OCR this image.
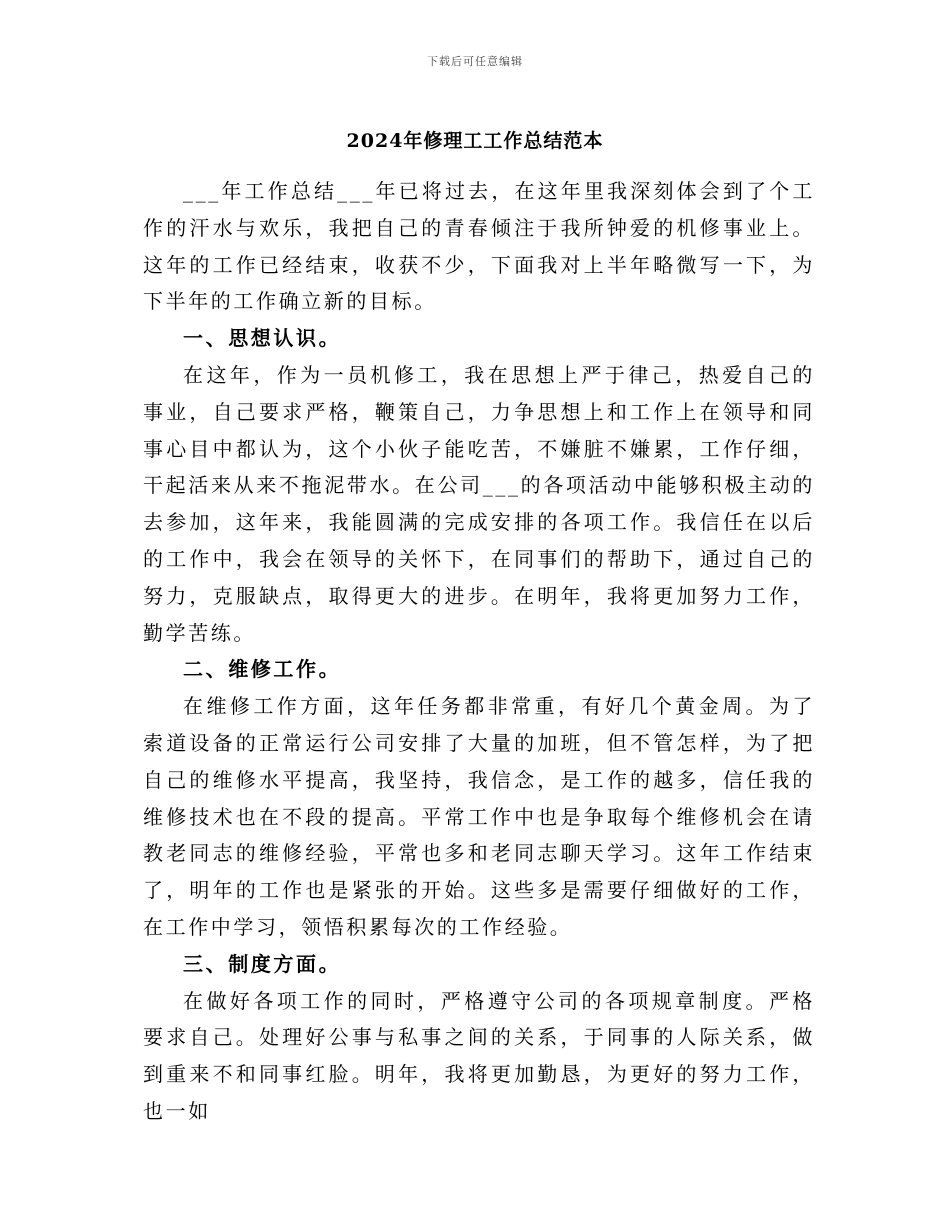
下载后可任意编辑
2024年修理工工作总结范本

___年工作总结___年已将过去，在这年里我深刻体会到了个工作的汗水与欢乐，我把自己的青春倾注于我所钟爱的机修事业上。这年的工作已经结束，收获不少，下面我对上半年略微写一下，为下半年的工作确立新的目标。

一、思想认识。

在这年，作为一员机修工，我在思想上严于律己，热爱自己的事业，自己要求严格，鞭策自己，力争思想上和工作上在领导和同事心目中都认为，这个小伙子能吃苦，不嫌脏不嫌累，工作仔细，干起活来从来不拖泥带水。在公司___的各项活动中能够积极主动的去参加，这年来，我能圆满的完成安排的各项工作。我信任在以后的工作中，我会在领导的关怀下，在同事们的帮助下，通过自己的努力，克服缺点，取得更大的进步。在明年，我将更加努力工作，勤学苦练。

二、维修工作。

在维修工作方面，这年任务都非常重，有好几个黄金周。为了索道设备的正常运行公司安排了大量的加班，但不管怎样，为了把自己的维修水平提高，我坚持，我信念，是工作的越多，信任我的维修技术也在不段的提高。平常工作中也是争取每个维修机会在请教老同志的维修经验，平常也多和老同志聊天学习。这年工作结束了，明年的工作也是紧张的开始。这些多是需要仔细做好的工作，在工作中学习，领悟积累每次的工作经验。

三、制度方面。

在做好各项工作的同时，严格遵守公司的各项规章制度。严格要求自己。处理好公事与私事之间的关系，于同事的人际关系，做到重来不和同事红脸。明年，我将更加勤恳，为更好的努力工作，也一如
